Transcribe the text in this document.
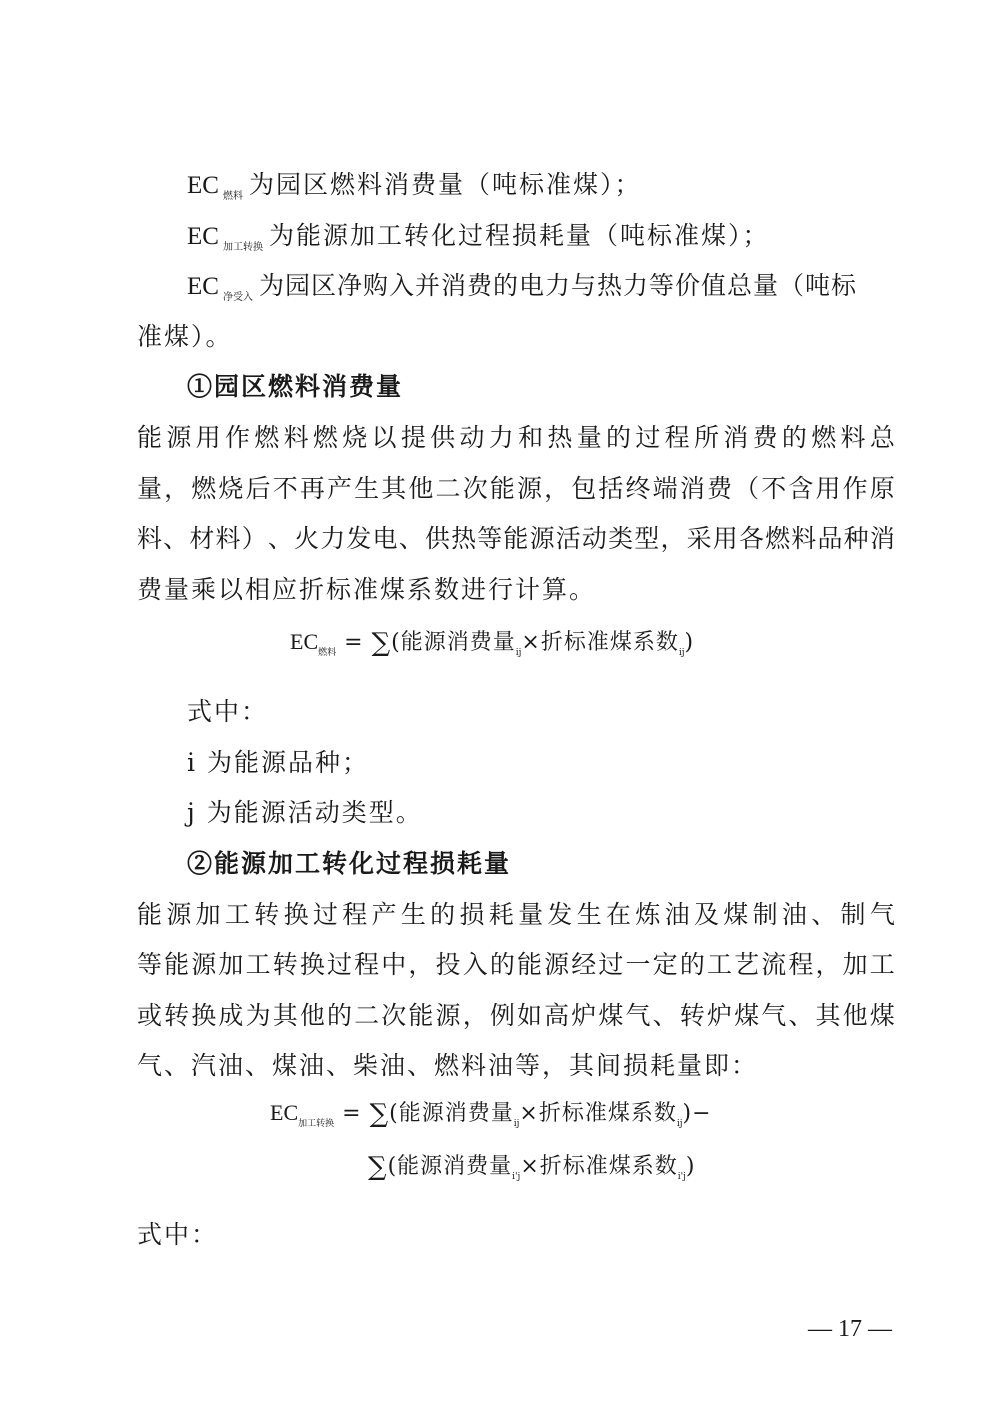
EC $_{燃料}$ 为园区燃料消费量（吨标准煤）；
EC $_{加工转换}$ 为能源加工转化过程损耗量（吨标准煤）；
EC $_{净受入}$ 为园区净购入并消费的电力与热力等价值总量（吨标
准煤）。
①园区燃料消费量
能 源 用 作 燃 料 燃 烧 以 提 供 动 力 和 热 量 的 过 程 所 消 费 的 燃 料 总
量 ， 燃 烧 后 不 再 产 生 其 他 二 次 能 源 ， 包 括 终 端 消 费 （ 不 含 用 作 原
料 、 材 料 ） 、 火 力 发 电 、 供 热 等 能 源 活 动 类 型 ， 采 用 各 燃 料 品 种 消
费量乘以相应折标准煤系数进行计算。
$EC_{燃料}$ = ∑(能源消费量$_{ij}$×折标准煤系数$_{ij}$)
式中：
i 为能源品种；
j 为能源活动类型。
②能源加工转化过程损耗量
能 源 加 工 转 换 过 程 产 生 的 损 耗 量 发 生 在 炼 油 及 煤 制 油 、 制 气
等 能 源 加 工 转 换 过 程 中 ， 投 入 的 能 源 经 过 一 定 的 工 艺 流 程 ， 加 工
或 转 换 成 为 其 他 的 二 次 能 源 ， 例 如 高 炉 煤 气 、 转 炉 煤 气 、 其 他 煤
气、汽油、煤油、柴油、燃料油等，其间损耗量即：
$EC_{加工转换}$ = ∑(能源消费量$_{ij}$×折标准煤系数$_{ij}$)−
∑(能源消费量$_{i'j}$×折标准煤系数$_{i'j}$)
式中：
— 17 —
